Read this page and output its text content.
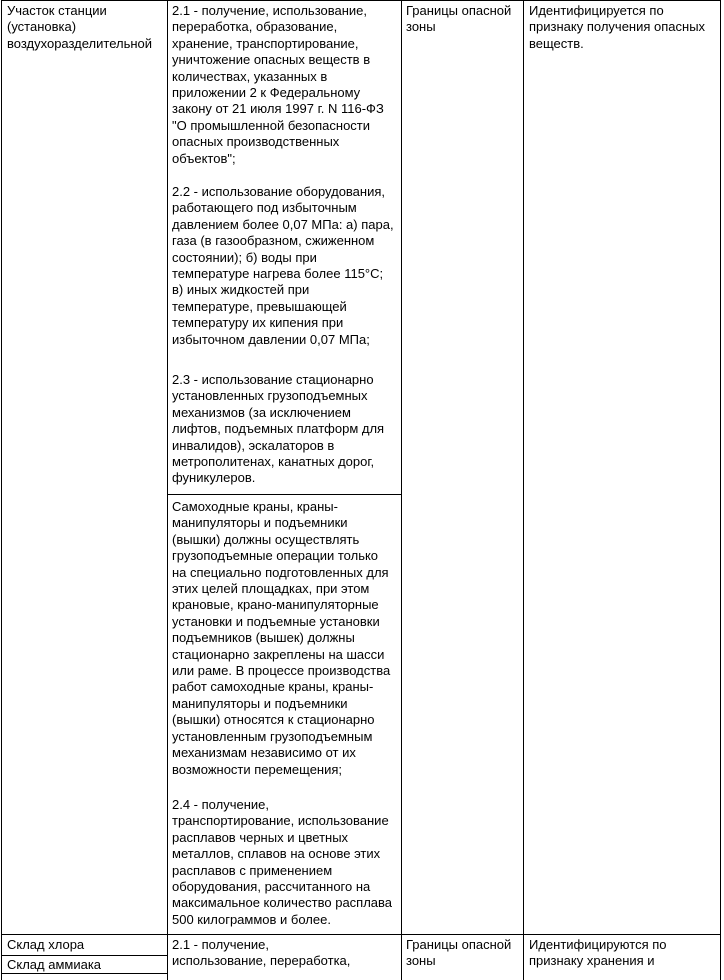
Участок станции
(установка)
воздухоразделительной
2.1 - получение, использование,
переработка, образование,
хранение, транспортирование,
уничтожение опасных веществ в
количествах, указанных в
приложении 2 к Федеральному
закону от 21 июля 1997 г. N 116-ФЗ
"О промышленной безопасности
опасных производственных
объектов";
2.2 - использование оборудования,
работающего под избыточным
давлением более 0,07 МПа: а) пара,
газа (в газообразном, сжиженном
состоянии); б) воды при
температуре нагрева более 115°С;
в) иных жидкостей при
температуре, превышающей
температуру их кипения при
избыточном давлении 0,07 МПа;
2.3 - использование стационарно
установленных грузоподъемных
механизмов (за исключением
лифтов, подъемных платформ для
инвалидов), эскалаторов в
метрополитенах, канатных дорог,
фуникулеров.
Самоходные краны, краны-
манипуляторы и подъемники
(вышки) должны осуществлять
грузоподъемные операции только
на специально подготовленных для
этих целей площадках, при этом
крановые, крано-манипуляторные
установки и подъемные установки
подъемников (вышек) должны
стационарно закреплены на шасси
или раме. В процессе производства
работ самоходные краны, краны-
манипуляторы и подъемники
(вышки) относятся к стационарно
установленным грузоподъемным
механизмам независимо от их
возможности перемещения;
2.4 - получение,
транспортирование, использование
расплавов черных и цветных
металлов, сплавов на основе этих
расплавов с применением
оборудования, рассчитанного на
максимальное количество расплава
500 килограммов и более.
Границы опасной
зоны
Идентифицируется по
признаку получения опасных
веществ.
Склад хлора
Склад аммиака
2.1 - получение,
использование, переработка,
Границы опасной
зоны
Идентифицируются по
признаку хранения и
